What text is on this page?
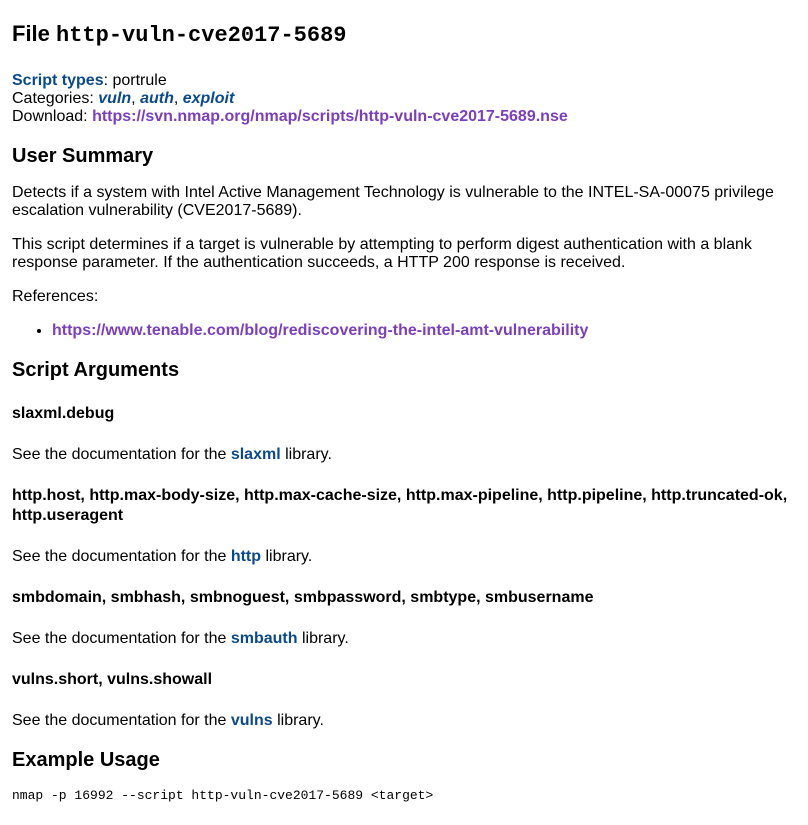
File http-vuln-cve2017-5689
Script types: portrule
Categories: vuln, auth, exploit
Download: https://svn.nmap.org/nmap/scripts/http-vuln-cve2017-5689.nse
User Summary

Detects if a system with Intel Active Management Technology is vulnerable to the INTEL-SA-00075 privilege escalation vulnerability (CVE2017-5689).

This script determines if a target is vulnerable by attempting to perform digest authentication with a blank response parameter. If the authentication succeeds, a HTTP 200 response is received.

References:

• https://www.tenable.com/blog/rediscovering-the-intel-amt-vulnerability
Script Arguments
slaxml.debug

See the documentation for the slaxml library.

http.host, http.max-body-size, http.max-cache-size, http.max-pipeline, http.pipeline, http.truncated-ok, http.useragent

See the documentation for the http library.

smbdomain, smbhash, smbnoguest, smbpassword, smbtype, smbusername

See the documentation for the smbauth library.

vulns.short, vulns.showall

See the documentation for the vulns library.

Example Usage
nmap -p 16992 --script http-vuln-cve2017-5689 <target>
